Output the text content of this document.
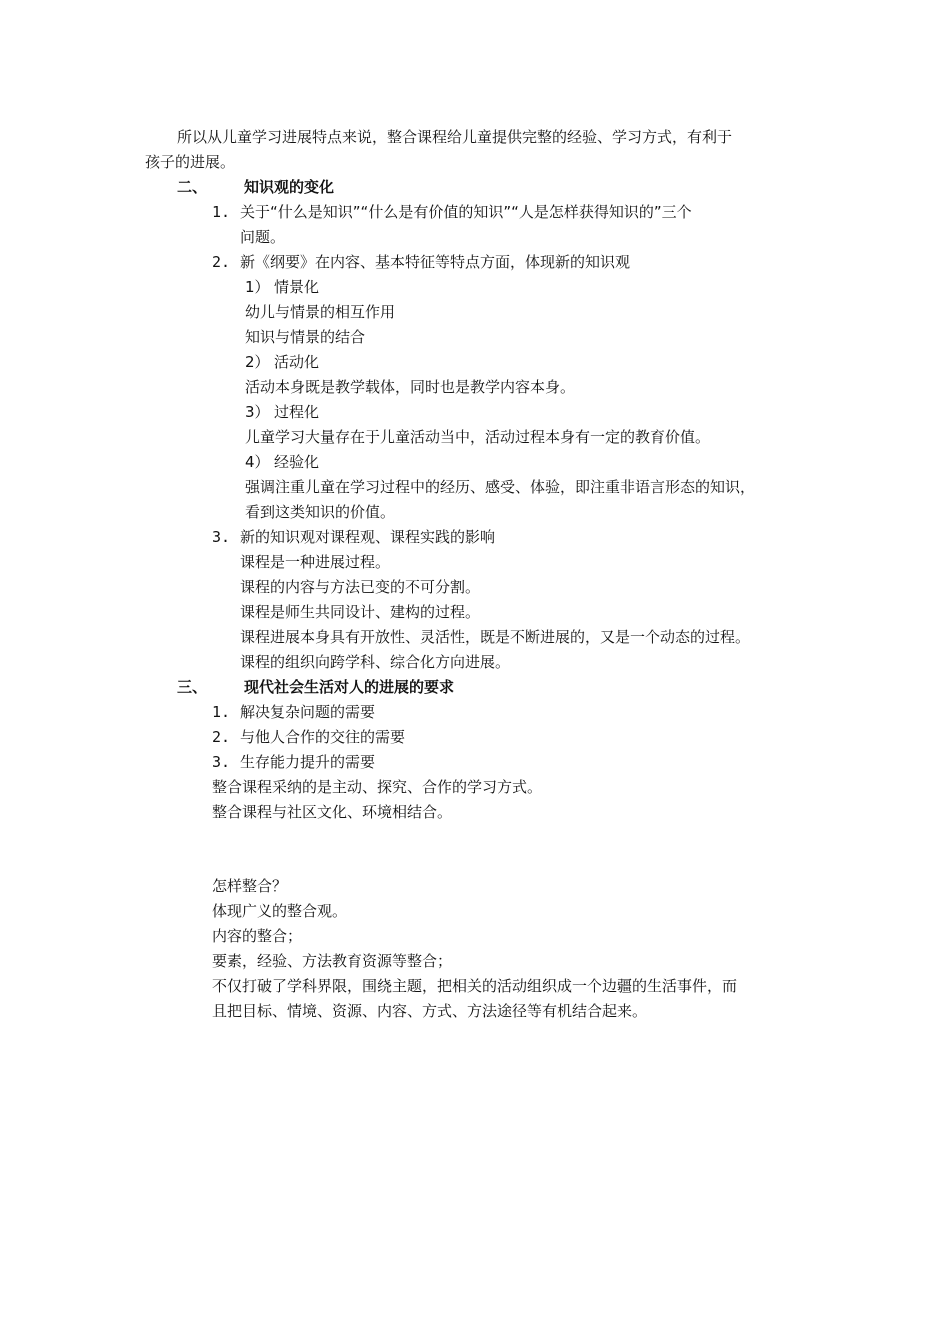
所以从儿童学习进展特点来说，整合课程给儿童提供完整的经验、学习方式，有利于
孩子的进展。
二、 知识观的变化
1. 关于“什么是知识”“什么是有价值的知识”“人是怎样获得知识的”三个
问题。
2. 新《纲要》在内容、基本特征等特点方面，体现新的知识观
1） 情景化
幼儿与情景的相互作用
知识与情景的结合
2） 活动化
活动本身既是教学载体，同时也是教学内容本身。
3） 过程化
儿童学习大量存在于儿童活动当中，活动过程本身有一定的教育价值。
4） 经验化
强调注重儿童在学习过程中的经历、感受、体验，即注重非语言形态的知识，
看到这类知识的价值。
3. 新的知识观对课程观、课程实践的影响
课程是一种进展过程。
课程的内容与方法已变的不可分割。
课程是师生共同设计、建构的过程。
课程进展本身具有开放性、灵活性，既是不断进展的，又是一个动态的过程。
课程的组织向跨学科、综合化方向进展。
三、 现代社会生活对人的进展的要求
1. 解决复杂问题的需要
2. 与他人合作的交往的需要
3. 生存能力提升的需要
整合课程采纳的是主动、探究、合作的学习方式。
整合课程与社区文化、环境相结合。
怎样整合？
体现广义的整合观。
内容的整合；
要素，经验、方法教育资源等整合；
不仅打破了学科界限，围绕主题，把相关的活动组织成一个边疆的生活事件，而
且把目标、情境、资源、内容、方式、方法途径等有机结合起来。
